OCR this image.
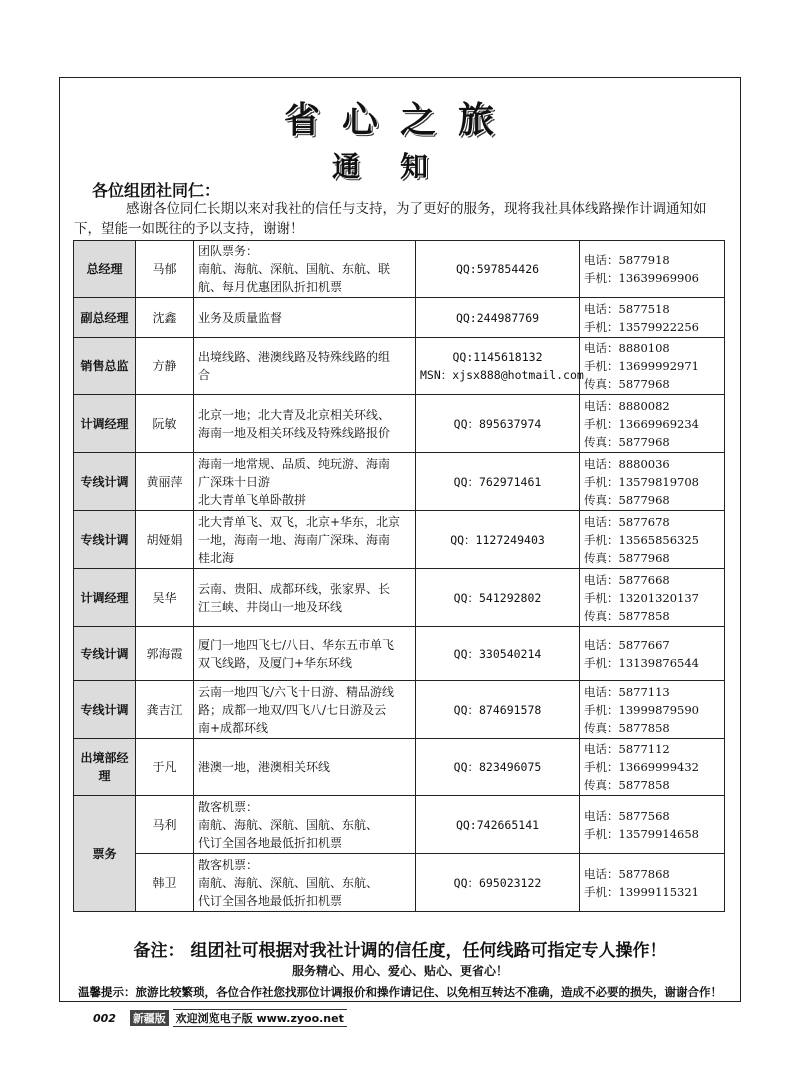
省心之旅
通知
各位组团社同仁：
感谢各位同仁长期以来对我社的信任与支持，为了更好的服务，现将我社具体线路操作计调通知如下，望能一如既往的予以支持，谢谢！
总经理	马郁	团队票务：
南航、海航、深航、国航、东航、联
航、每月优惠团队折扣机票	QQ:597854426	电话：5877918
手机：13639969906

副总经理	沈鑫	业务及质量监督	QQ:244987769	电话：5877518
手机：13579922256

销售总监	方静	出境线路、港澳线路及特殊线路的组
合	QQ:1145618132
MSN：xjsx888@hotmail.com	电话：8880108
手机：13699992971
传真：5877968

计调经理	阮敏	北京一地；北大青及北京相关环线、
海南一地及相关环线及特殊线路报价	QQ：895637974	电话：8880082
手机：13669969234
传真：5877968

专线计调	黄丽萍	海南一地常规、品质、纯玩游、海南
广深珠十日游
北大青单飞单卧散拼	QQ：762971461	电话：8880036
手机：13579819708
传真：5877968

专线计调	胡娅娟	北大青单飞、双飞，北京+华东，北京
一地，海南一地、海南广深珠、海南
桂北海	QQ：1127249403	电话：5877678
手机：13565856325
传真：5877968

计调经理	吴华	云南、贵阳、成都环线，张家界、长
江三峡、井岗山一地及环线	QQ：541292802	电话：5877668
手机：13201320137
传真：5877858

专线计调	郭海霞	厦门一地四飞七/八日、华东五市单飞
双飞线路，及厦门+华东环线	QQ：330540214	电话：5877667
手机：13139876544

专线计调	龚吉江	云南一地四飞/六飞十日游、精品游线
路；成都一地双/四飞八/七日游及云
南+成都环线	QQ：874691578	电话：5877113
手机：13999879590
传真：5877858

出境部经理	于凡	港澳一地，港澳相关环线	QQ：823496075	电话：5877112
手机：13669999432
传真：5877858

票务	马利	散客机票：
南航、海航、深航、国航、东航、
代订全国各地最低折扣机票	QQ:742665141	电话：5877568
手机：13579914658

	韩卫	散客机票：
南航、海航、深航、国航、东航、
代订全国各地最低折扣机票	QQ：695023122	电话：5877868
手机：13999115321
备注： 组团社可根据对我社计调的信任度，任何线路可指定专人操作！
服务精心、用心、爱心、贴心、更省心！
温馨提示：旅游比较繁琐，各位合作社您找那位计调报价和操作请记住、以免相互转达不准确，造成不必要的损失，谢谢合作！
002 新疆版 欢迎浏览电子版 www.zyoo.net
